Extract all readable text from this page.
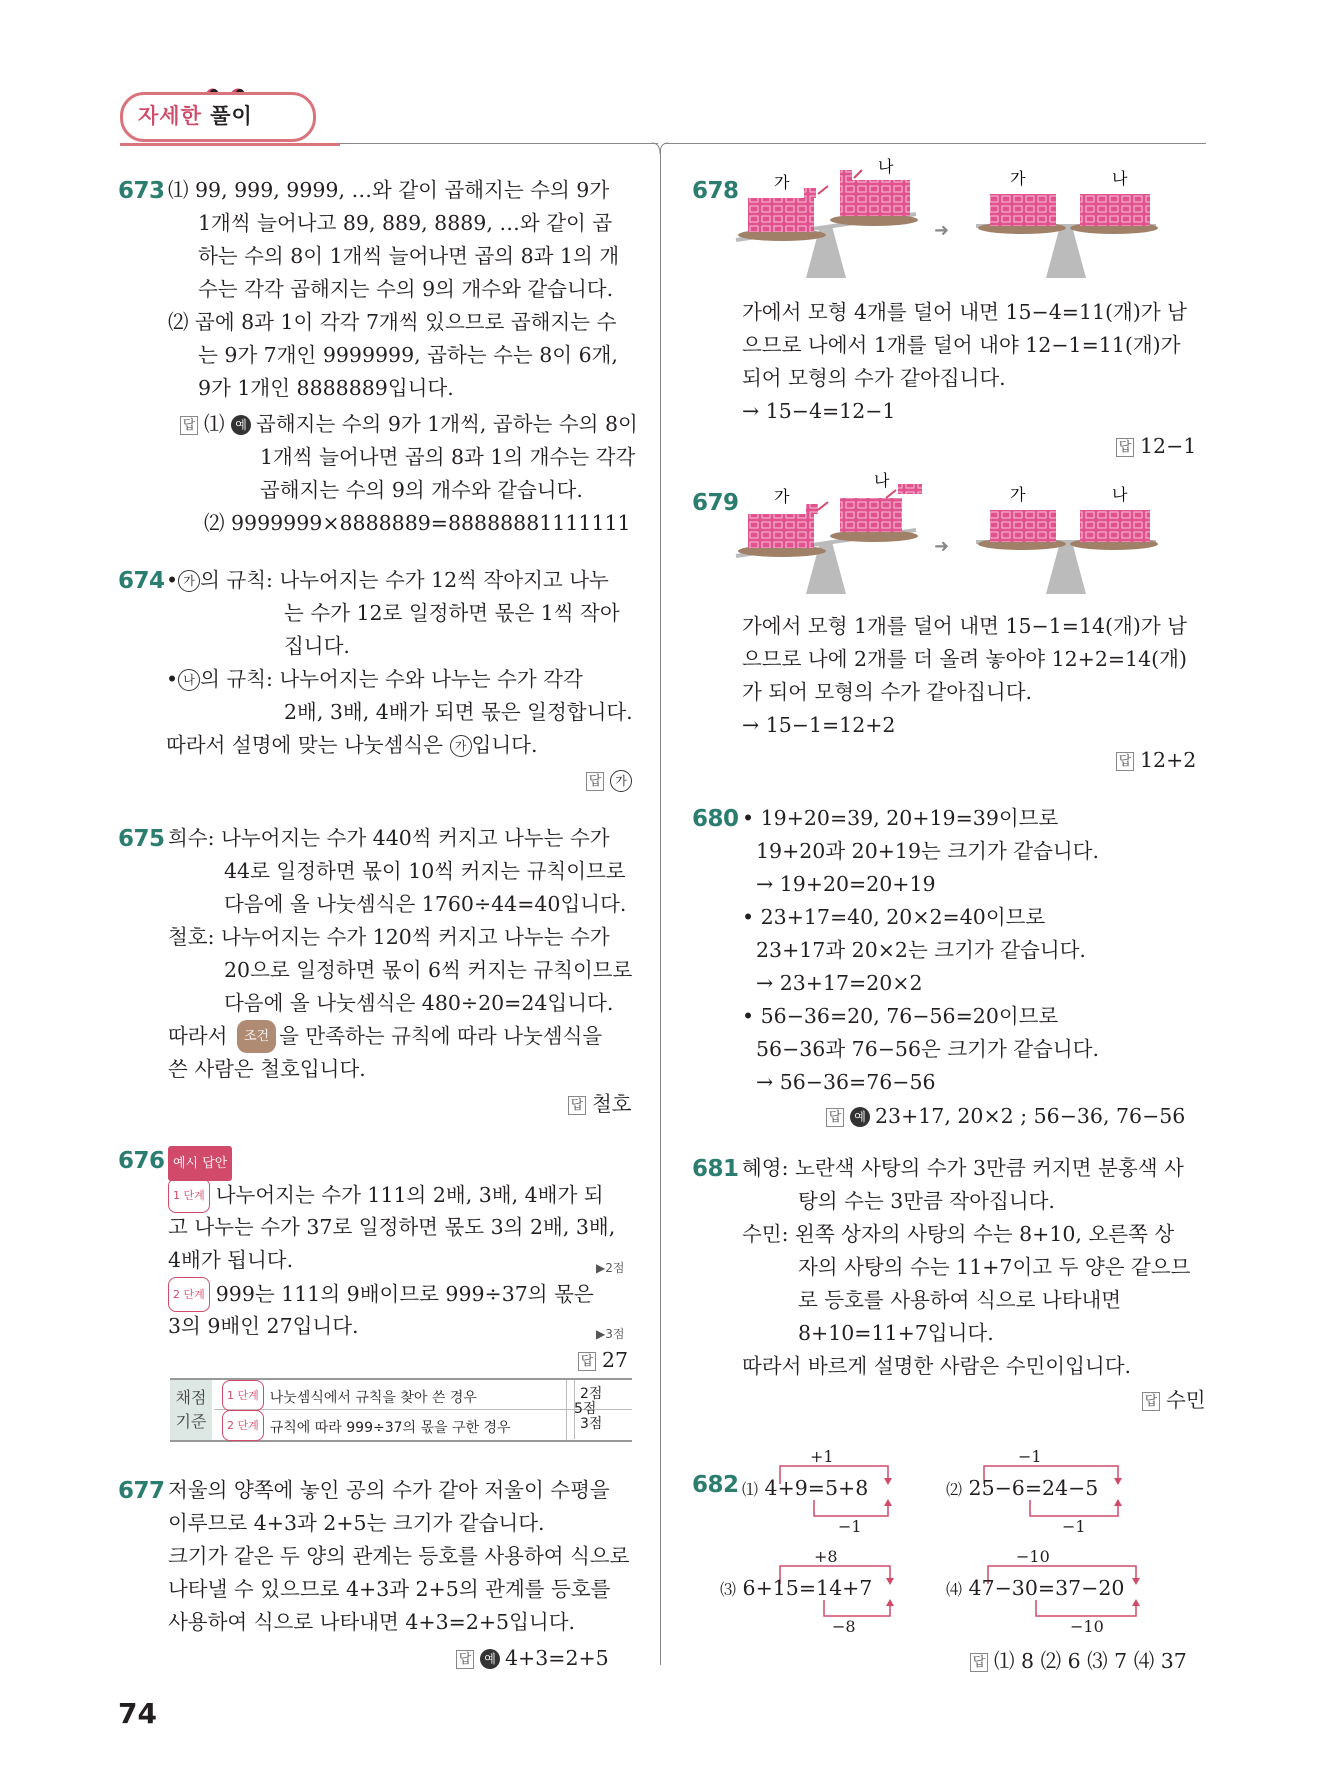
자세한 풀이
673 ⑴ 99, 999, 9999, …와 같이 곱해지는 수의 9가
1개씩 늘어나고 89, 889, 8889, …와 같이 곱
하는 수의 8이 1개씩 늘어나면 곱의 8과 1의 개
수는 각각 곱해지는 수의 9의 개수와 같습니다.
⑵ 곱에 8과 1이 각각 7개씩 있으므로 곱해지는 수
는 9가 7개인 9999999, 곱하는 수는 8이 6개,
9가 1개인 8888889입니다.
답 ⑴ 예 곱해지는 수의 9가 1개씩, 곱하는 수의 8이
1개씩 늘어나면 곱의 8과 1의 개수는 각각
곱해지는 수의 9의 개수와 같습니다.
⑵ 9999999×8888889=88888881111111
674 • 가 의 규칙: 나누어지는 수가 12씩 작아지고 나누
는 수가 12로 일정하면 몫은 1씩 작아
집니다.
• 나 의 규칙: 나누어지는 수와 나누는 수가 각각
2배, 3배, 4배가 되면 몫은 일정합니다.
따라서 설명에 맞는 나눗셈식은 가 입니다.
답 가
675 희수: 나누어지는 수가 440씩 커지고 나누는 수가
44로 일정하면 몫이 10씩 커지는 규칙이므로
다음에 올 나눗셈식은 1760÷44=40입니다.
철호: 나누어지는 수가 120씩 커지고 나누는 수가
20으로 일정하면 몫이 6씩 커지는 규칙이므로
다음에 올 나눗셈식은 480÷20=24입니다.
따라서 조건 을 만족하는 규칙에 따라 나눗셈식을
쓴 사람은 철호입니다.
답 철호
676 예시 답안
1 단계 나누어지는 수가 111의 2배, 3배, 4배가 되
고 나누는 수가 37로 일정하면 몫도 3의 2배, 3배,
4배가 됩니다.	▶2점
2 단계 999는 111의 9배이므로 999÷37의 몫은
3의 9배인 27입니다.	▶3점
답 27
채점 기준
1 단계 나눗셈식에서 규칙을 찾아 쓴 경우	2점
2 단계 규칙에 따라 999÷37의 몫을 구한 경우	3점
5점
677 저울의 양쪽에 놓인 공의 수가 같아 저울이 수평을
이루므로 4+3과 2+5는 크기가 같습니다.
크기가 같은 두 양의 관계는 등호를 사용하여 식으로
나타낼 수 있으므로 4+3과 2+5의 관계를 등호를
사용하여 식으로 나타내면 4+3=2+5입니다.
답 예 4+3=2+5
74
678 가
나
➜
가	나
가에서 모형 4개를 덜어 내면 15−4=11(개)가 남
으므로 나에서 1개를 덜어 내야 12−1=11(개)가
되어 모형의 수가 같아집니다.
→ 15−4=12−1
답 12−1
679 가
나
➜
가	나
가에서 모형 1개를 덜어 내면 15−1=14(개)가 남
으므로 나에 2개를 더 올려 놓아야 12+2=14(개)
가 되어 모형의 수가 같아집니다.
→ 15−1=12+2
답 12+2
680 • 19+20=39, 20+19=39이므로
19+20과 20+19는 크기가 같습니다.
→ 19+20=20+19
• 23+17=40, 20×2=40이므로
23+17과 20×2는 크기가 같습니다.
→ 23+17=20×2
• 56−36=20, 76−56=20이므로
56−36과 76−56은 크기가 같습니다.
→ 56−36=76−56
답 예 23+17, 20×2 ; 56−36, 76−56
681 혜영: 노란색 사탕의 수가 3만큼 커지면 분홍색 사
탕의 수는 3만큼 작아집니다.
수민: 왼쪽 상자의 사탕의 수는 8+10, 오른쪽 상
자의 사탕의 수는 11+7이고 두 양은 같으므
로 등호를 사용하여 식으로 나타내면
8+10=11+7입니다.
따라서 바르게 설명한 사람은 수민이입니다.
답 수민
682
+1
⑴ 4+9=5+8
−1
−1
⑵ 25−6=24−5
−1
+8
⑶ 6+15=14+7
−8
−10
⑷ 47−30=37−20
−10
답 ⑴ 8 ⑵ 6 ⑶ 7 ⑷ 37
